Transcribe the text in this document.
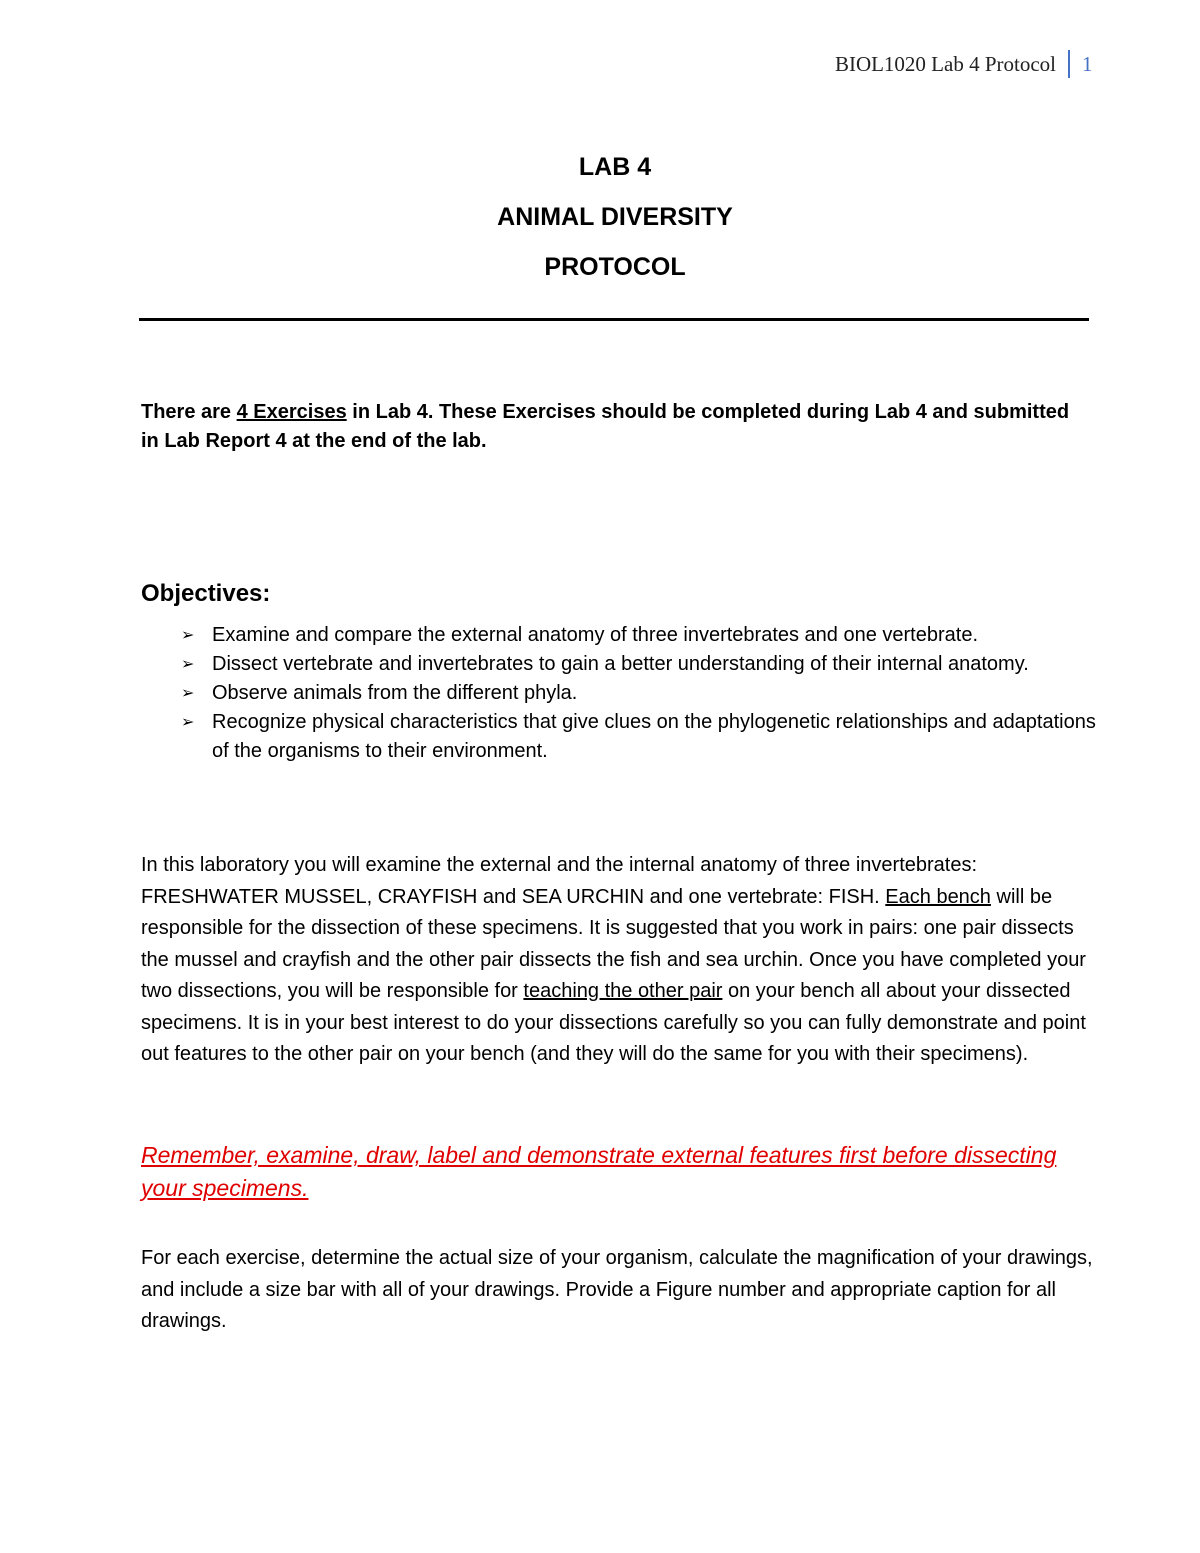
BIOL1020 Lab 4 Protocol	1
LAB 4
ANIMAL DIVERSITY
PROTOCOL
There are 4 Exercises in Lab 4. These Exercises should be completed during Lab 4 and submitted in Lab Report 4 at the end of the lab.
Objectives:
➢ Examine and compare the external anatomy of three invertebrates and one vertebrate.
➢ Dissect vertebrate and invertebrates to gain a better understanding of their internal anatomy.
➢ Observe animals from the different phyla.
➢ Recognize physical characteristics that give clues on the phylogenetic relationships and adaptations of the organisms to their environment.
In this laboratory you will examine the external and the internal anatomy of three invertebrates: FRESHWATER MUSSEL, CRAYFISH and SEA URCHIN and one vertebrate: FISH. Each bench will be responsible for the dissection of these specimens. It is suggested that you work in pairs: one pair dissects the mussel and crayfish and the other pair dissects the fish and sea urchin. Once you have completed your two dissections, you will be responsible for teaching the other pair on your bench all about your dissected specimens. It is in your best interest to do your dissections carefully so you can fully demonstrate and point out features to the other pair on your bench (and they will do the same for you with their specimens).
Remember, examine, draw, label and demonstrate external features first before dissecting your specimens.
For each exercise, determine the actual size of your organism, calculate the magnification of your drawings, and include a size bar with all of your drawings. Provide a Figure number and appropriate caption for all drawings.
